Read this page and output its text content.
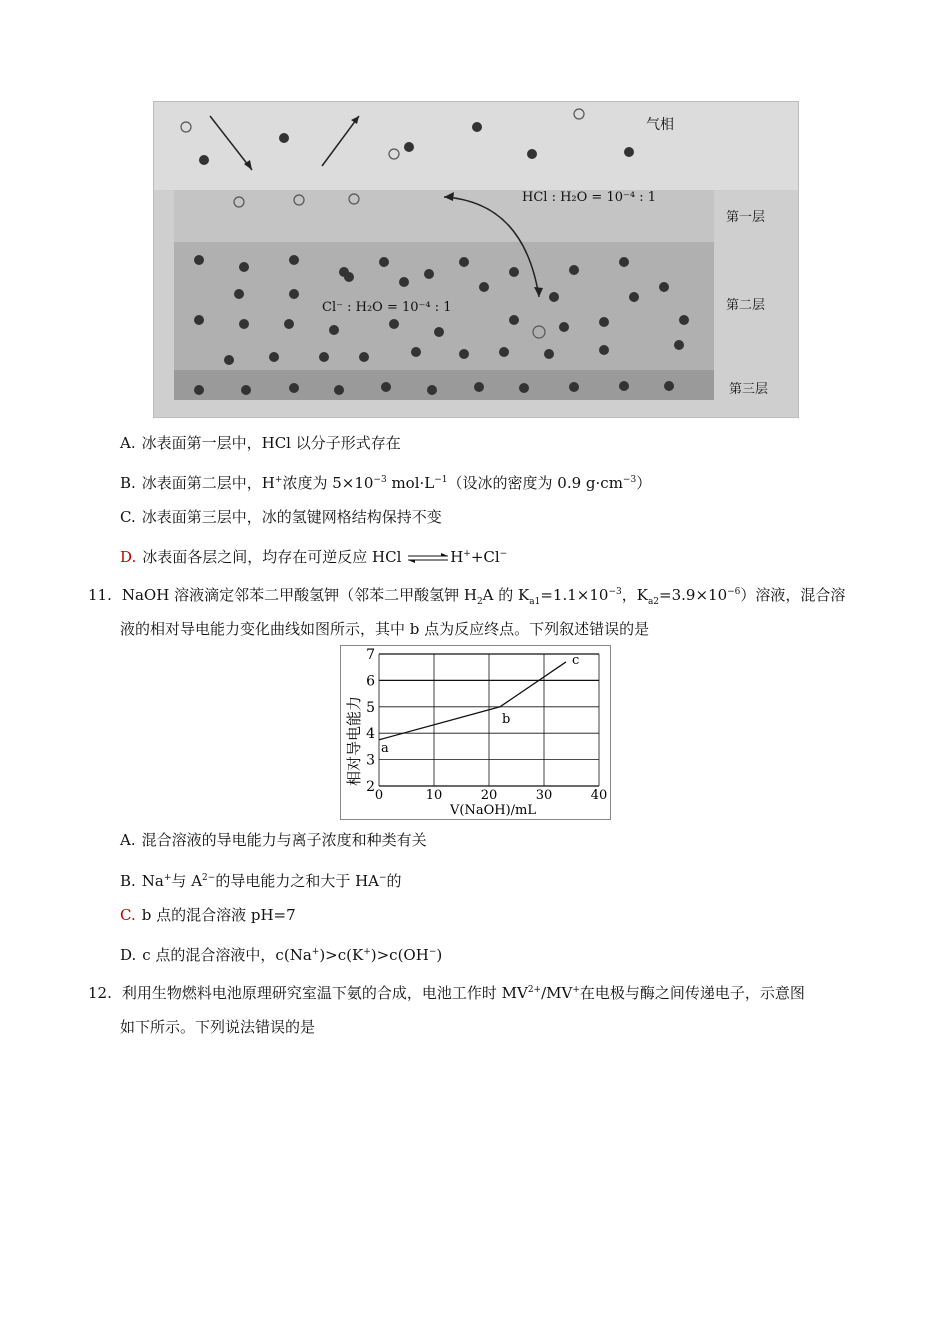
气相
HCl : H₂O = 10⁻⁴ : 1
Cl⁻ : H₂O = 10⁻⁴ : 1
第一层
第二层
第三层
A. 冰表面第一层中，HCl 以分子形式存在
B. 冰表面第二层中，H+浓度为 $5\times 10^{-3}$ $mol\cdot L^{-1}$（设冰的密度为 0.9 $g\cdot cm^{-3}$）
C. 冰表面第三层中，冰的氢键网格结构保持不变
D. 冰表面各层之间，均存在可逆反应 HCl ⇌H++Cl−
11. NaOH 溶液滴定邻苯二甲酸氢钾（邻苯二甲酸氢钾 $H_2A$ 的 $K_{a1}=1.1\times 10^{-3}$，$K_{a2}=3.9\times 10^{-6}$）溶液，混合溶
液的相对导电能力变化曲线如图所示，其中 b 点为反应终点。下列叙述错误的是
相对导电能力
2
3
4
5
6
7
0	10	20	30	40
a
b
c
V(NaOH)/mL
A. 混合溶液的导电能力与离子浓度和种类有关
B. Na+与 $A^{2-}$的导电能力之和大于 HA−的
C. b 点的混合溶液 pH=7
D. c 点的混合溶液中，c(Na+)>c(K+)>c(OH−)
12. 利用生物燃料电池原理研究室温下氨的合成，电池工作时 $MV^{2+}/MV^+$在电极与酶之间传递电子，示意图
如下所示。下列说法错误的是
